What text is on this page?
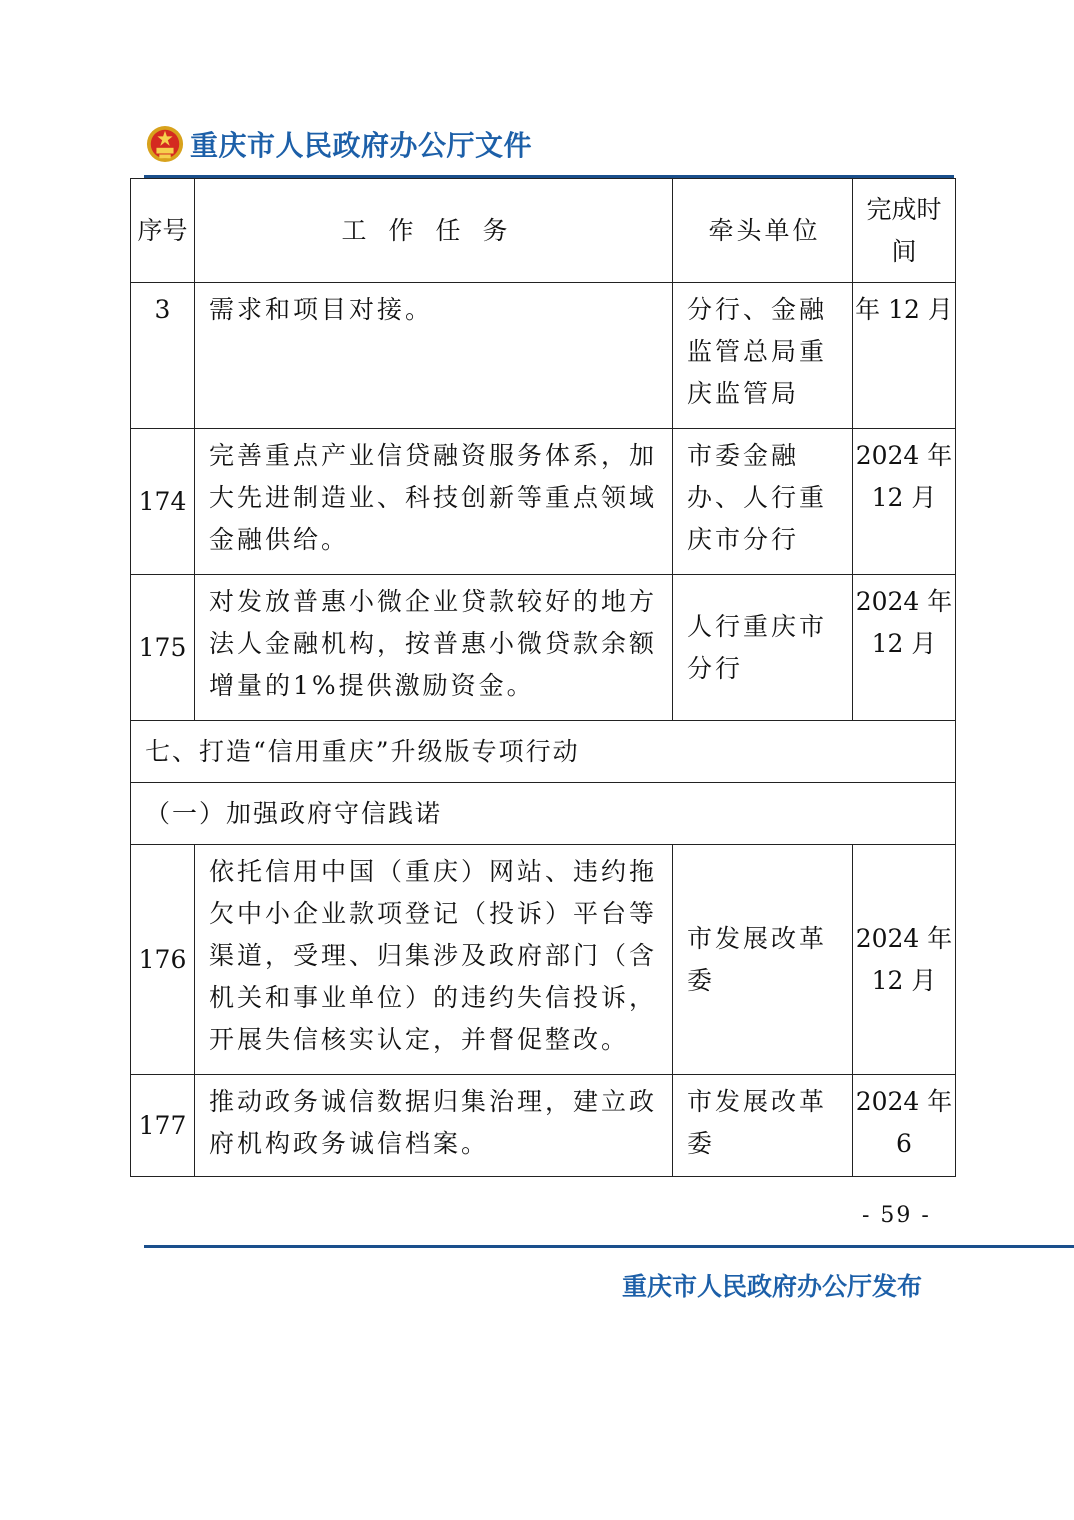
重庆市人民政府办公厅文件
序号	工作任务	牵头单位	完成时间
3	需求和项目对接。	分行、金融监管总局重庆监管局	年 12 月
174	完善重点产业信贷融资服务体系，加大先进制造业、科技创新等重点领域金融供给。	市委金融办、人行重庆市分行	2024 年 12 月
175	对发放普惠小微企业贷款较好的地方法人金融机构，按普惠小微贷款余额增量的1%提供激励资金。	人行重庆市分行	2024 年 12 月
七、打造“信用重庆”升级版专项行动			
（一）加强政府守信践诺			
176	依托信用中国（重庆）网站、违约拖欠中小企业款项登记（投诉）平台等渠道，受理、归集涉及政府部门（含机关和事业单位）的违约失信投诉，开展失信核实认定，并督促整改。	市发展改革委	2024 年 12 月
177	推动政务诚信数据归集治理，建立政府机构政务诚信档案。	市发展改革委	2024 年 6
- 59 -
重庆市人民政府办公厅发布
